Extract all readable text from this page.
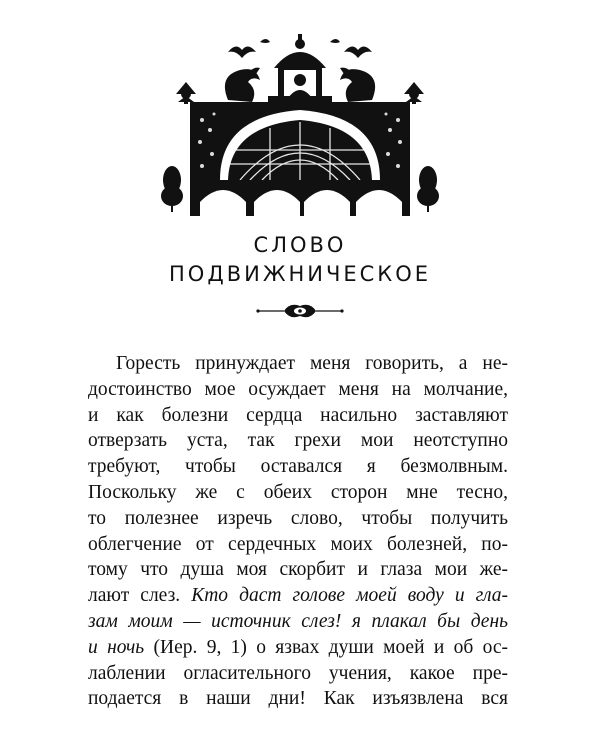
СЛОВО
ПОДВИЖНИЧЕСКОЕ
Горесть принуждает меня говорить, а не-
достоинство мое осуждает меня на молчание,
и как болезни сердца насильно заставляют
отверзать уста, так грехи мои неотступно
требуют, чтобы оставался я безмолвным.
Поскольку же с обеих сторон мне тесно,
то полезнее изречь слово, чтобы получить
облегчение от сердечных моих болезней, по-
тому что душа моя скорбит и глаза мои же-
лают слез. Кто даст голове моей воду и гла-
зам моим — источник слез! я плакал бы день
и ночь (Иер. 9, 1) о язвах души моей и об ос-
лаблении огласительного учения, какое пре-
подается в наши дни! Как изъязвлена вся
